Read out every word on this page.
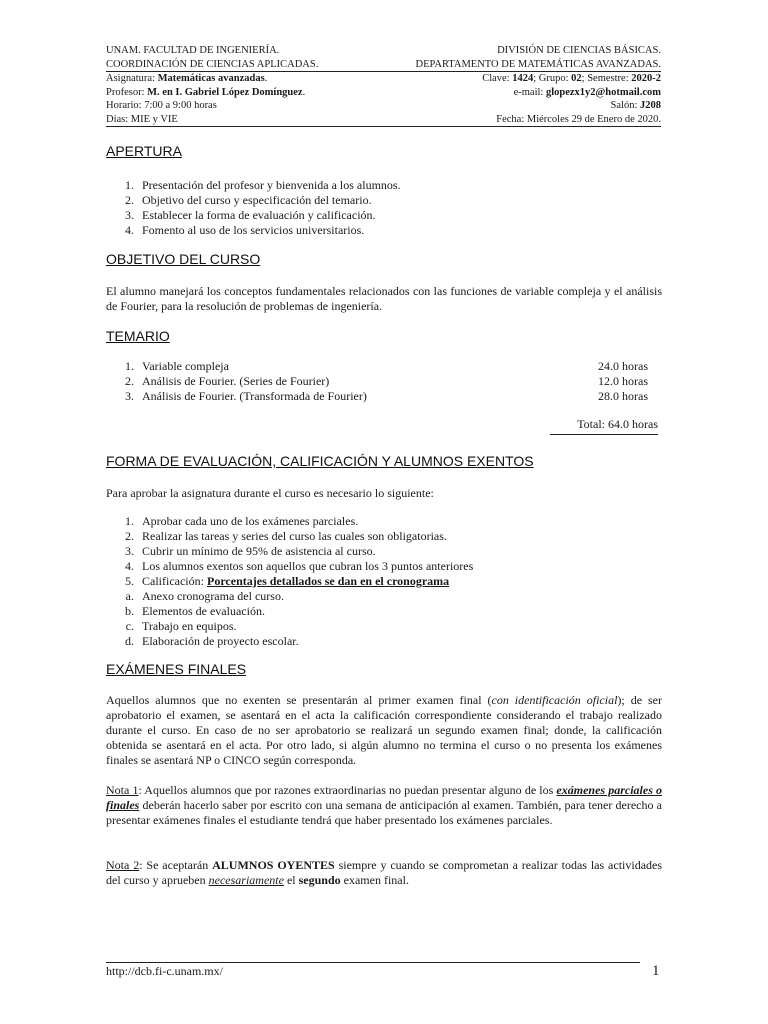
UNAM. FACULTAD DE INGENIERÍA.	DIVISIÓN DE CIENCIAS BÁSICAS.
COORDINACIÓN DE CIENCIAS APLICADAS.	DEPARTAMENTO DE MATEMÁTICAS AVANZADAS.
Asignatura: Matemáticas avanzadas.	Clave: 1424; Grupo: 02; Semestre: 2020-2
Profesor: M. en I. Gabriel López Domínguez.	e-mail: glopezx1y2@hotmail.com
Horario: 7:00 a 9:00 horas	Salón: J208
Días: MIE y VIE	Fecha: Miércoles 29 de Enero de 2020.
APERTURA
1. Presentación del profesor y bienvenida a los alumnos.
2. Objetivo del curso y especificación del temario.
3. Establecer la forma de evaluación y calificación.
4. Fomento al uso de los servicios universitarios.
OBJETIVO DEL CURSO
El alumno manejará los conceptos fundamentales relacionados con las funciones de variable compleja y el análisis de Fourier, para la resolución de problemas de ingeniería.
TEMARIO
1. Variable compleja	24.0 horas
2. Análisis de Fourier. (Series de Fourier)	12.0 horas
3. Análisis de Fourier. (Transformada de Fourier)	28.0 horas
Total: 64.0 horas
FORMA DE EVALUACIÓN, CALIFICACIÓN Y ALUMNOS EXENTOS
Para aprobar la asignatura durante el curso es necesario lo siguiente:
1. Aprobar cada uno de los exámenes parciales.
2. Realizar las tareas y series del curso las cuales son obligatorias.
3. Cubrir un mínimo de 95% de asistencia al curso.
4. Los alumnos exentos son aquellos que cubran los 3 puntos anteriores
5. Calificación: Porcentajes detallados se dan en el cronograma
a. Anexo cronograma del curso.
b. Elementos de evaluación.
c. Trabajo en equipos.
d. Elaboración de proyecto escolar.
EXÁMENES FINALES
Aquellos alumnos que no exenten se presentarán al primer examen final (con identificación oficial); de ser aprobatorio el examen, se asentará en el acta la calificación correspondiente considerando el trabajo realizado durante el curso. En caso de no ser aprobatorio se realizará un segundo examen final; donde, la calificación obtenida se asentará en el acta. Por otro lado, si algún alumno no termina el curso o no presenta los exámenes finales se asentará NP o CINCO según corresponda.
Nota 1: Aquellos alumnos que por razones extraordinarias no puedan presentar alguno de los exámenes parciales o finales deberán hacerlo saber por escrito con una semana de anticipación al examen. También, para tener derecho a presentar exámenes finales el estudiante tendrá que haber presentado los exámenes parciales.
Nota 2: Se aceptarán ALUMNOS OYENTES siempre y cuando se comprometan a realizar todas las actividades del curso y aprueben necesariamente el segundo examen final.
http://dcb.fi-c.unam.mx/	1
